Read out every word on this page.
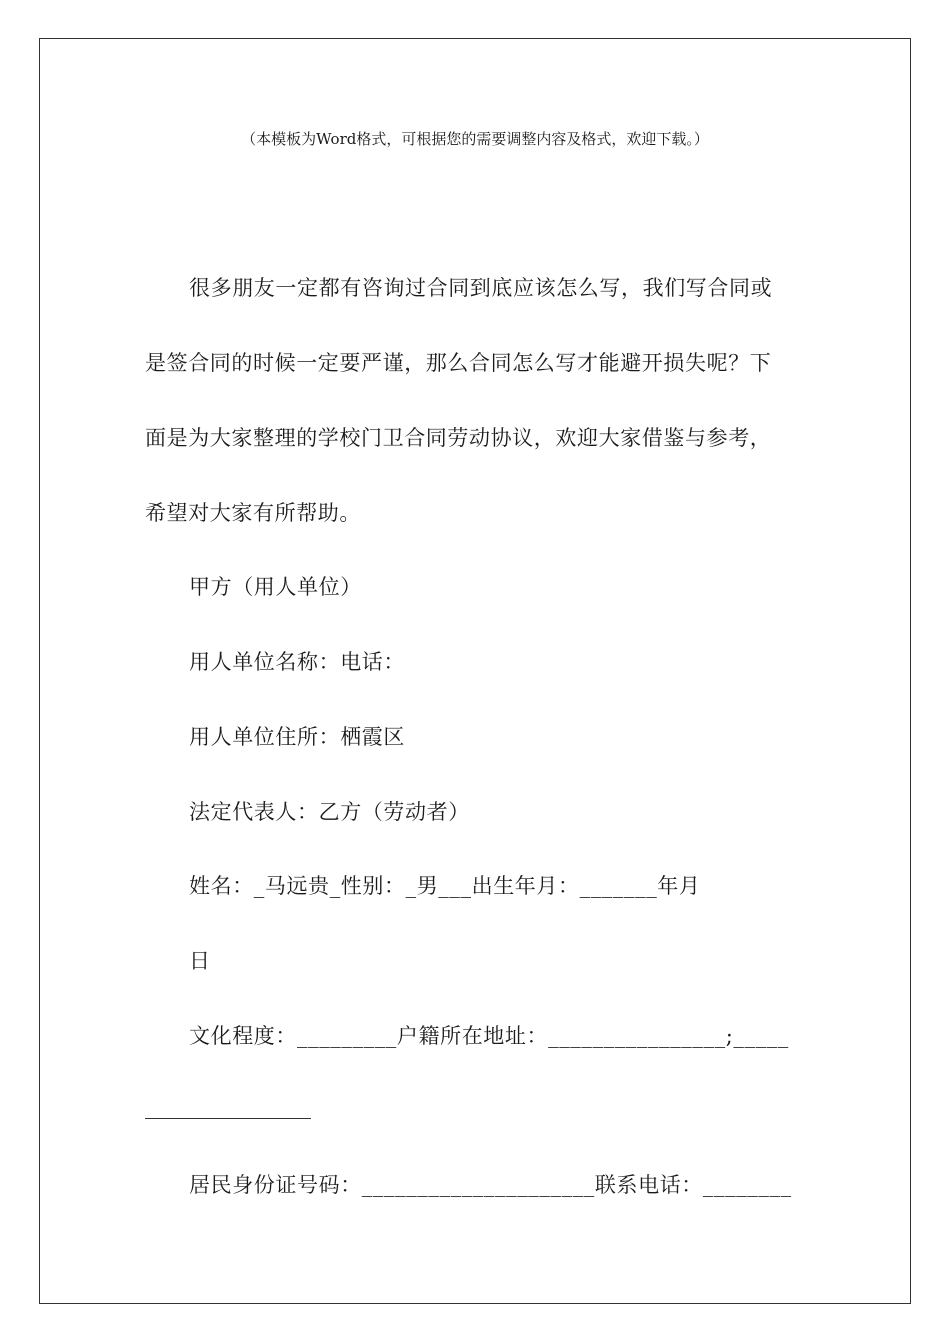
（本模板为Word格式，可根据您的需要调整内容及格式，欢迎下载。）
很多朋友一定都有咨询过合同到底应该怎么写，我们写合同或
是签合同的时候一定要严谨，那么合同怎么写才能避开损失呢？下
面是为大家整理的学校门卫合同劳动协议，欢迎大家借鉴与参考，
希望对大家有所帮助。
甲方（用人单位）
用人单位名称：电话：
用人单位住所：栖霞区
法定代表人：乙方（劳动者）
姓名：_马远贵_性别：_男___出生年月：_______年月
日
文化程度：_________户籍所在地址：________________;_____
居民身份证号码：_____________________联系电话：________
